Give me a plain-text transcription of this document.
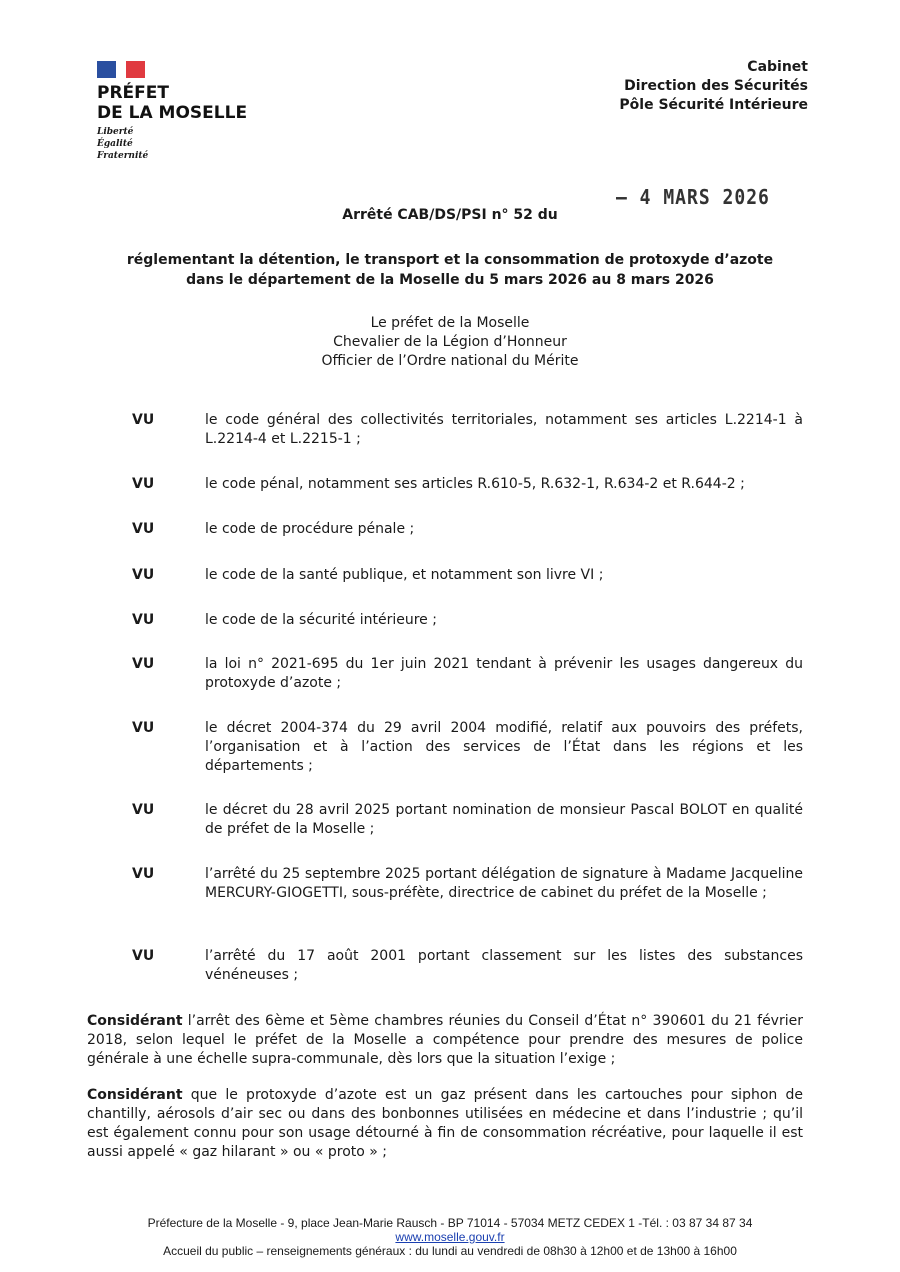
PRÉFET
DE LA MOSELLE
Liberté
Égalité
Fraternité
Cabinet
Direction des Sécurités
Pôle Sécurité Intérieure
– 4 MARS 2026
Arrêté CAB/DS/PSI n° 52 du
réglementant la détention, le transport et la consommation de protoxyde d’azote
dans le département de la Moselle du 5 mars 2026 au 8 mars 2026
Le préfet de la Moselle
Chevalier de la Légion d’Honneur
Officier de l’Ordre national du Mérite
VU	le code général des collectivités territoriales, notamment ses articles L.2214-1 à L.2214-4 et L.2215-1 ;
VU	le code pénal, notamment ses articles R.610-5, R.632-1, R.634-2 et R.644-2 ;
VU	le code de procédure pénale ;
VU	le code de la santé publique, et notamment son livre VI ;
VU	le code de la sécurité intérieure ;
VU	la loi n° 2021-695 du 1er juin 2021 tendant à prévenir les usages dangereux du protoxyde d’azote ;
VU	le décret 2004-374 du 29 avril 2004 modifié, relatif aux pouvoirs des préfets, l’organisation et à l’action des services de l’État dans les régions et les départements ;
VU	le décret du 28 avril 2025 portant nomination de monsieur Pascal BOLOT en qualité de préfet de la Moselle ;
VU	l’arrêté du 25 septembre 2025 portant délégation de signature à Madame Jacqueline MERCURY-GIOGETTI, sous-préfète, directrice de cabinet du préfet de la Moselle ;
VU	l’arrêté du 17 août 2001 portant classement sur les listes des substances vénéneuses ;
Considérant l’arrêt des 6ème et 5ème chambres réunies du Conseil d’État n° 390601 du 21 février 2018, selon lequel le préfet de la Moselle a compétence pour prendre des mesures de police générale à une échelle supra-communale, dès lors que la situation l’exige ;
Considérant que le protoxyde d’azote est un gaz présent dans les cartouches pour siphon de chantilly, aérosols d’air sec ou dans des bonbonnes utilisées en médecine et dans l’industrie ; qu’il est également connu pour son usage détourné à fin de consommation récréative, pour laquelle il est aussi appelé « gaz hilarant » ou « proto » ;
Préfecture de la Moselle - 9, place Jean-Marie Rausch - BP 71014 - 57034 METZ CEDEX 1 -Tél. : 03 87 34 87 34
www.moselle.gouv.fr
Accueil du public – renseignements généraux : du lundi au vendredi de 08h30 à 12h00 et de 13h00 à 16h00
